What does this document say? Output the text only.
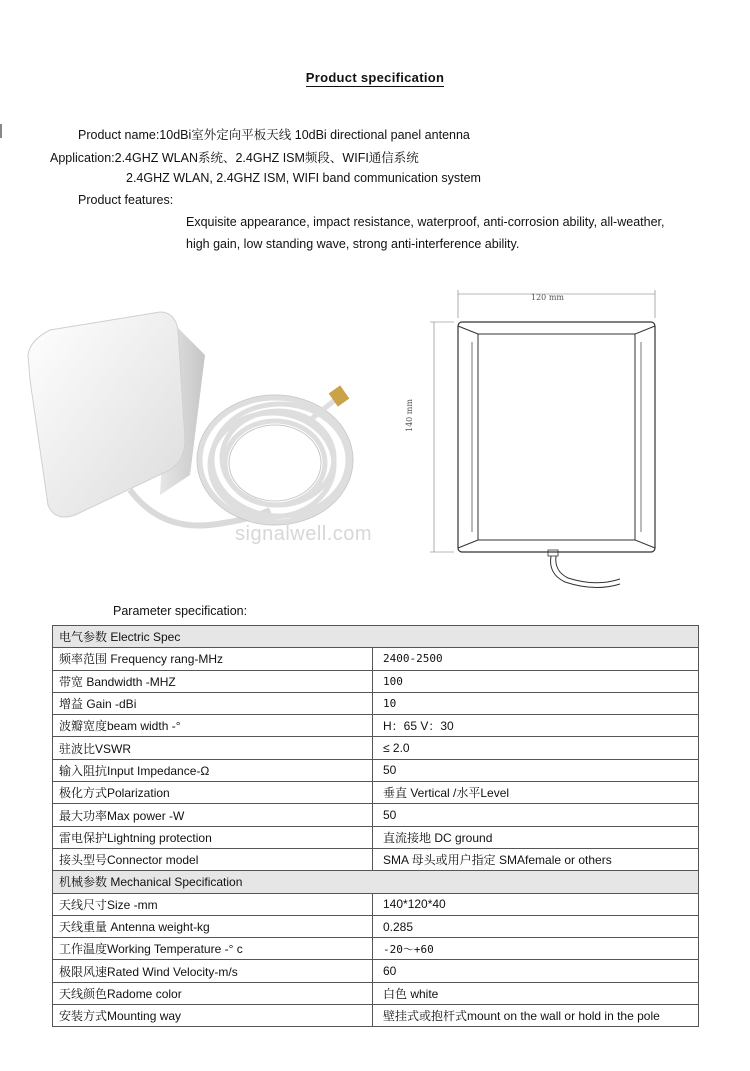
Product specification
Product name:10dBi室外定向平板天线 10dBi directional panel antenna
Application:2.4GHZ WLAN系统、2.4GHZ ISM频段、WIFI通信系统
2.4GHZ WLAN, 2.4GHZ ISM, WIFI band communication system
Product features:
Exquisite appearance, impact resistance, waterproof, anti-corrosion ability, all-weather,
high gain, low standing wave, strong anti-interference ability.
signalwell.com
120 mm
140 mm
Parameter specification:
电气参数 Electric Spec	
频率范围 Frequency rang-MHz	2400-2500
带宽 Bandwidth -MHZ	100
增益 Gain -dBi	10
波瓣宽度beam width -°	H：65 V：30
驻波比VSWR	≤ 2.0
输入阻抗Input Impedance-Ω	50
极化方式Polarization	垂直 Vertical /水平Level
最大功率Max power -W	50
雷电保护Lightning protection	直流接地 DC ground
接头型号Connector model	SMA 母头或用户指定 SMAfemale or others
机械参数 Mechanical Specification	
天线尺寸Size -mm	140*120*40
天线重量 Antenna weight-kg	0.285
工作温度Working Temperature -° c	-20～+60
极限风速Rated Wind Velocity-m/s	60
天线颜色Radome color	白色 white
安装方式Mounting way	壁挂式或抱杆式mount on the wall or hold in the pole
